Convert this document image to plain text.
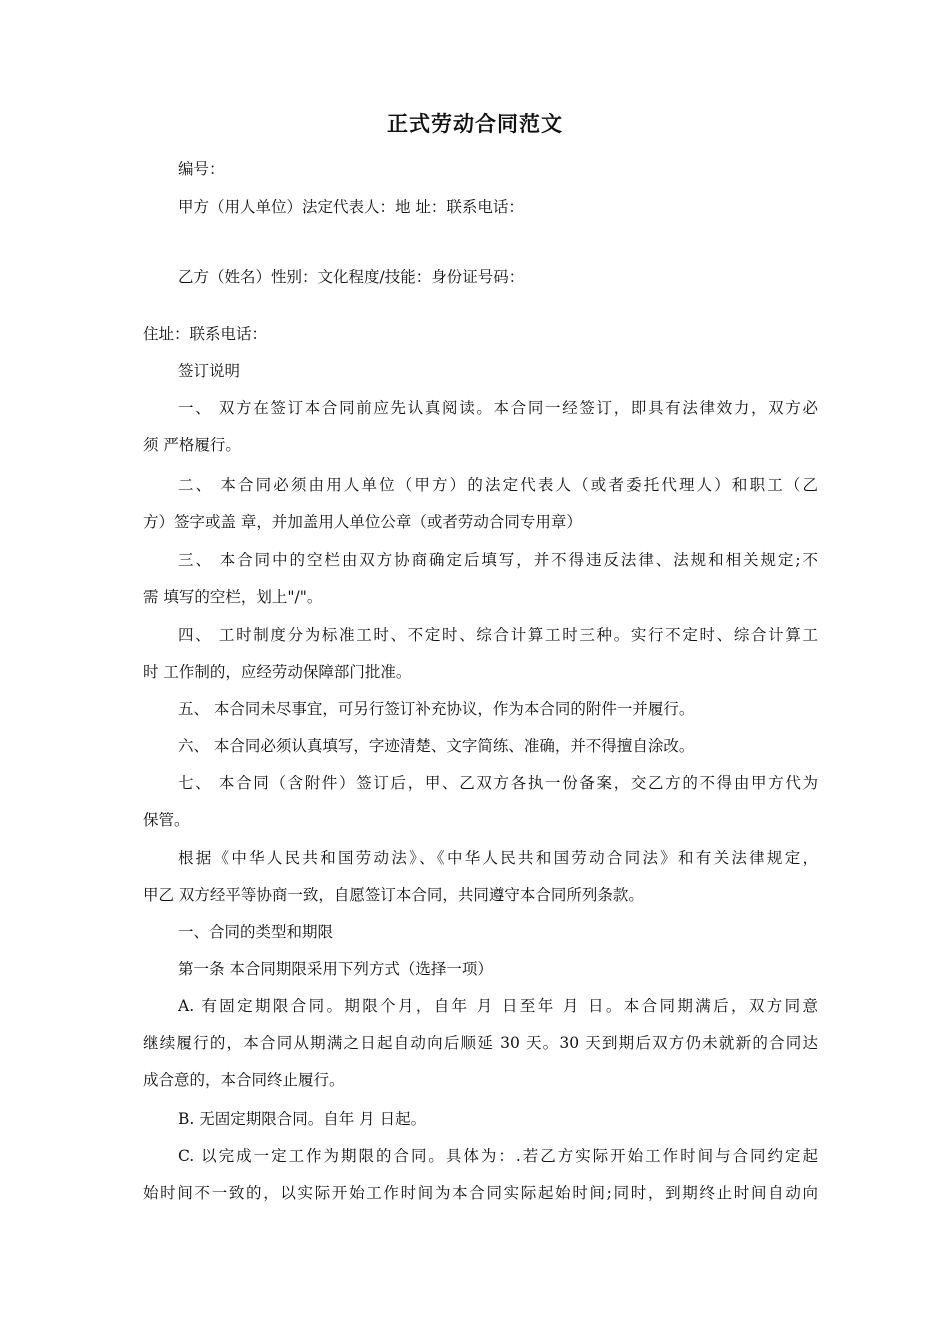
正式劳动合同范文
编号：
甲方（用人单位）法定代表人：地 址：联系电话：
乙方（姓名）性别：文化程度/技能：身份证号码：
住址：联系电话：
签订说明
一、 双方在签订本合同前应先认真阅读。本合同一经签订，即具有法律效力，双方必
须 严格履行。
二、 本合同必须由用人单位（甲方）的法定代表人（或者委托代理人）和职工（乙
方）签字或盖 章，并加盖用人单位公章（或者劳动合同专用章）
三、 本合同中的空栏由双方协商确定后填写，并不得违反法律、法规和相关规定;不
需 填写的空栏，划上"/"。
四、 工时制度分为标准工时、不定时、综合计算工时三种。实行不定时、综合计算工
时 工作制的，应经劳动保障部门批准。
五、 本合同未尽事宜，可另行签订补充协议，作为本合同的附件一并履行。
六、 本合同必须认真填写，字迹清楚、文字简练、准确，并不得擅自涂改。
七、 本合同（含附件）签订后，甲、乙双方各执一份备案，交乙方的不得由甲方代为
保管。
根据《中华人民共和国劳动法》、《中华人民共和国劳动合同法》和有关法律规定，
甲乙 双方经平等协商一致，自愿签订本合同，共同遵守本合同所列条款。
一、合同的类型和期限
第一条 本合同期限采用下列方式（选择一项）
A. 有固定期限合同。期限个月，自年 月 日至年 月 日。本合同期满后，双方同意
继续履行的，本合同从期满之日起自动向后顺延 30 天。30 天到期后双方仍未就新的合同达
成合意的，本合同终止履行。
B. 无固定期限合同。自年 月 日起。
C. 以完成一定工作为期限的合同。具体为：.若乙方实际开始工作时间与合同约定起
始时间不一致的，以实际开始工作时间为本合同实际起始时间;同时，到期终止时间自动向
